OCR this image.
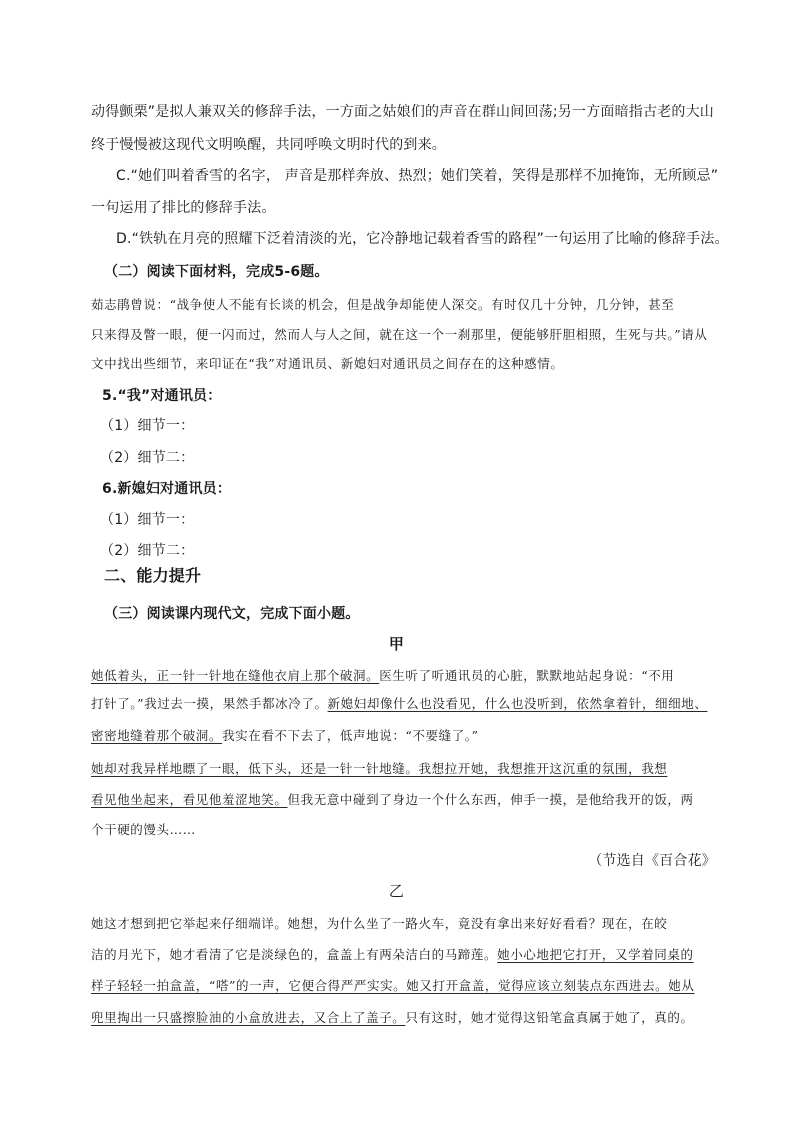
动得颤栗”是拟人兼双关的修辞手法，一方面之姑娘们的声音在群山间回荡;另一方面暗指古老的大山
终于慢慢被这现代文明唤醒，共同呼唤文明时代的到来。
C.“她们叫着香雪的名字， 声音是那样奔放、热烈；她们笑着，笑得是那样不加掩饰，无所顾忌”
一句运用了排比的修辞手法。
D.“铁轨在月亮的照耀下泛着清淡的光，它冷静地记载着香雪的路程”一句运用了比喻的修辞手法。
（二）阅读下面材料，完成5-6题。
茹志鹃曾说：“战争使人不能有长谈的机会，但是战争却能使人深交。有时仅几十分钟，几分钟，甚至
只来得及瞥一眼，便一闪而过，然而人与人之间，就在这一个一刹那里，便能够肝胆相照，生死与共。”请从
文中找出些细节，来印证在“我”对通讯员、新媳妇对通讯员之间存在的这种感情。
5.“我”对通讯员：
（1）细节一：
（2）细节二：
6.新媳妇对通讯员：
（1）细节一：
（2）细节二：
二、能力提升
（三）阅读课内现代文，完成下面小题。
甲
她低着头，正一针一针地在缝他衣肩上那个破洞。医生听了听通讯员的心脏，默默地站起身说：“不用
打针了。”我过去一摸，果然手都冰冷了。新媳妇却像什么也没看见，什么也没听到，依然拿着针，细细地、
密密地缝着那个破洞。我实在看不下去了，低声地说：“不要缝了。”
她却对我异样地瞟了一眼，低下头，还是一针一针地缝。我想拉开她，我想推开这沉重的氛围，我想
看见他坐起来，看见他羞涩地笑。但我无意中碰到了身边一个什么东西，伸手一摸，是他给我开的饭，两
个干硬的馒头……
（节选自《百合花》
乙
她这才想到把它举起来仔细端详。她想，为什么坐了一路火车，竟没有拿出来好好看看？现在，在皎
洁的月光下，她才看清了它是淡绿色的，盒盖上有两朵洁白的马蹄莲。她小心地把它打开，又学着同桌的
样子轻轻一拍盒盖，“嗒”的一声，它便合得严严实实。她又打开盒盖，觉得应该立刻装点东西进去。她从
兜里掏出一只盛擦脸油的小盒放进去，又合上了盖子。只有这时，她才觉得这铅笔盒真属于她了，真的。
